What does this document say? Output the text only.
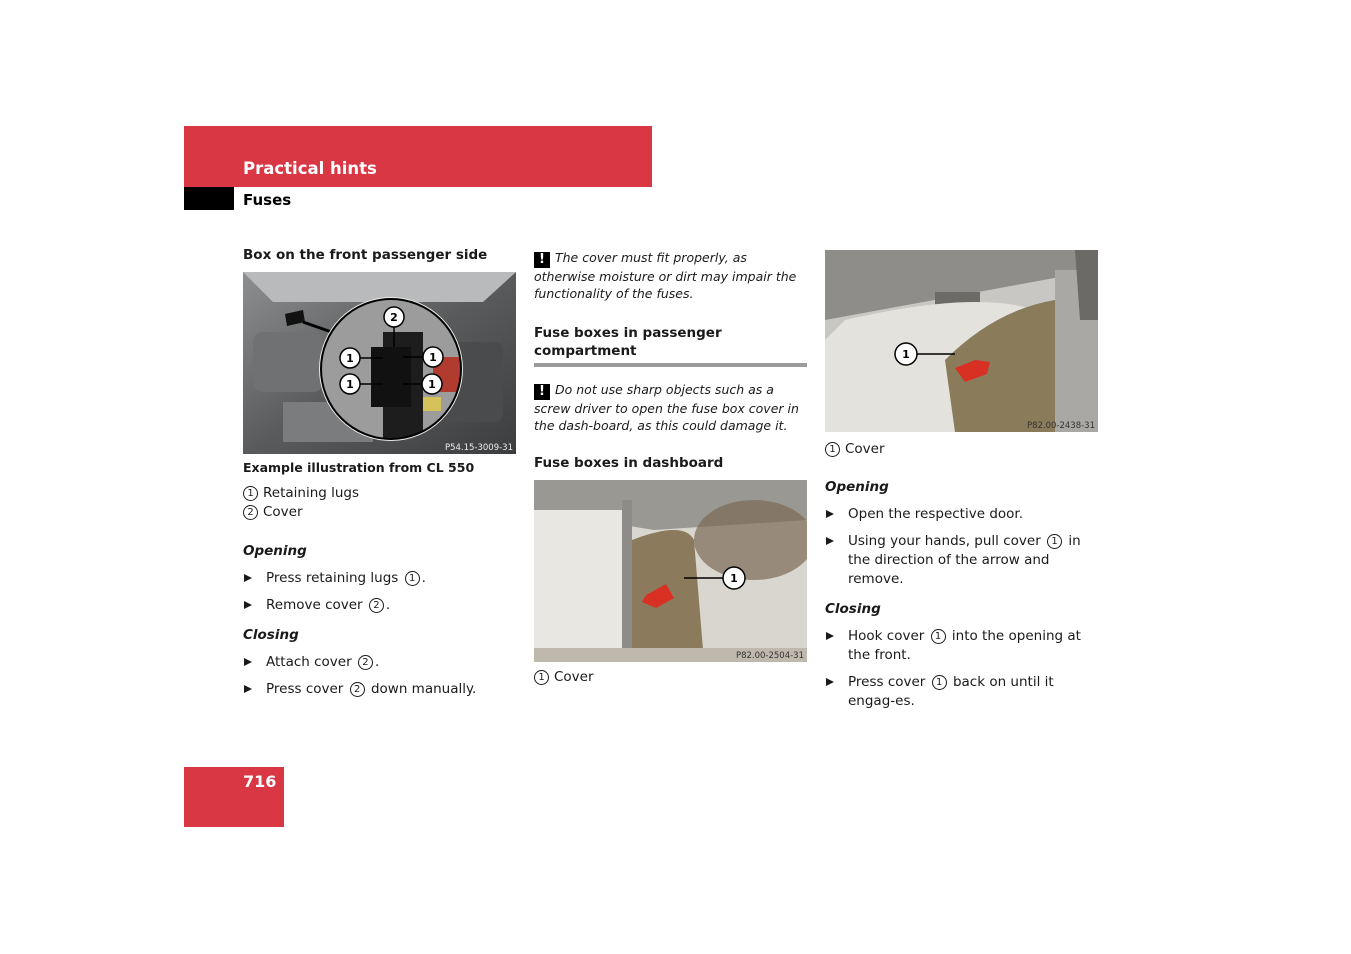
Practical hints
Fuses
Box on the front passenger side
2
1
1
1
1
P54.15-3009-31

Example illustration from CL 550

1 Retaining lugs

2 Cover

Opening

Press retaining lugs 1 .
Remove cover 2 .

Closing

Attach cover 2 .
Press cover 2 down manually.

! The cover must fit properly, as otherwise moisture or dirt may impair the functionality of the fuses.

Fuse boxes in passenger compartment

! Do not use sharp objects such as a screw driver to open the fuse box cover in the dash-board, as this could damage it.

Fuse boxes in dashboard
1
P82.00-2504-31

1 Cover

1
P82.00-2438-31

1 Cover

Opening

Open the respective door.
Using your hands, pull cover 1 in the direction of the arrow and remove.

Closing

Hook cover 1 into the opening at the front.
Press cover 1 back on until it engag-es.
716
